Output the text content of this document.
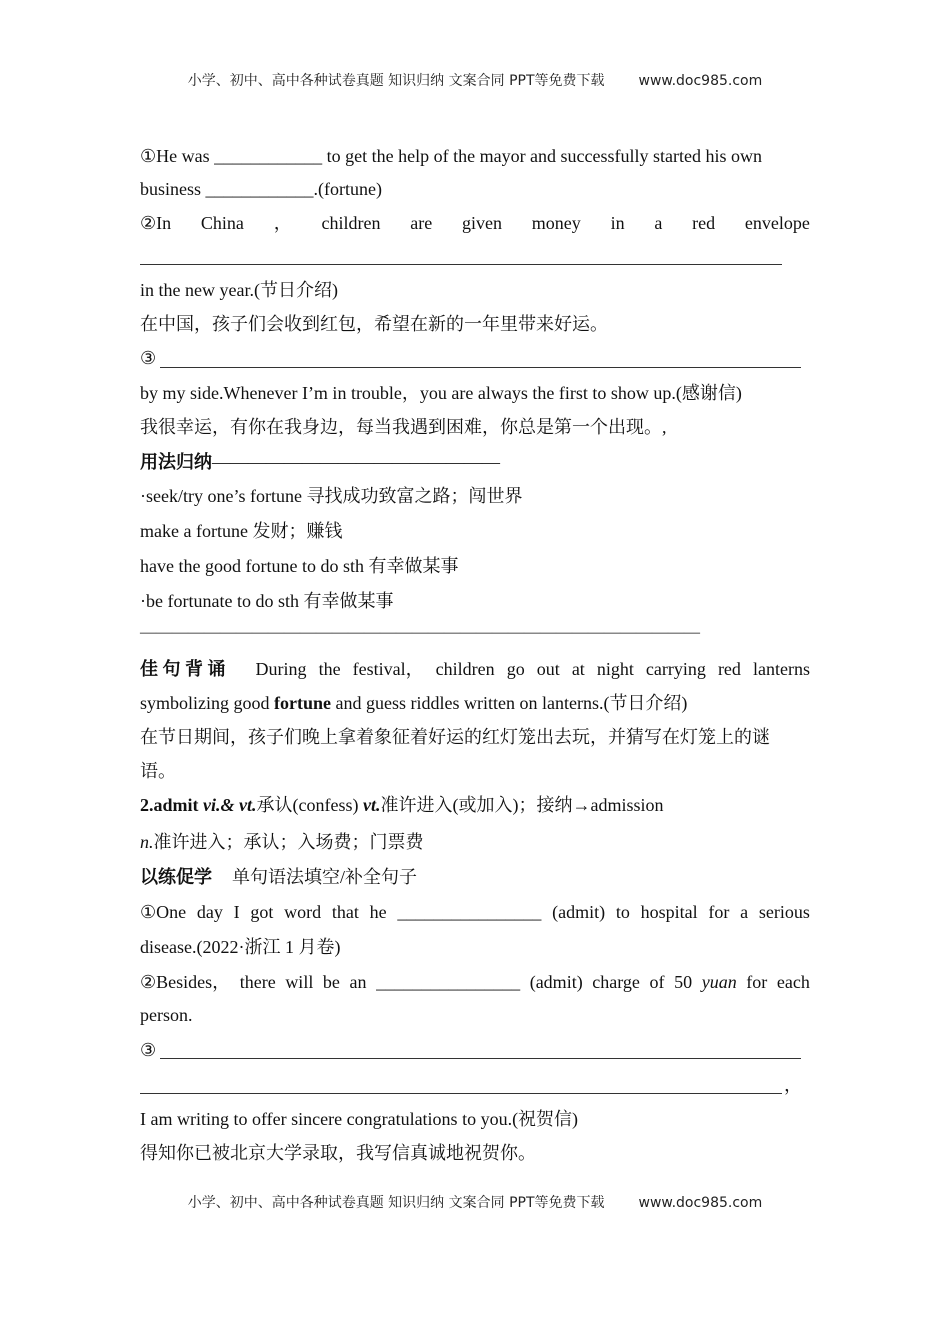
小学、初中、高中各种试卷真题 知识归纳 文案合同 PPT等免费下载 www.doc985.com
①He was ____________ to get the help of the mayor and successfully started his own
business ____________.(fortune)
②In China ， children are given money in a red envelope
in the new year.(节日介绍)
在中国，孩子们会收到红包，希望在新的一年里带来好运。
③
by my side.Whenever I’m in trouble，you are always the first to show up.(感谢信)
我很幸运，有你在我身边，每当我遇到困难，你总是第一个出现。,
用法归纳————————————————
·seek/try one’s fortune 寻找成功致富之路；闯世界
make a fortune 发财；赚钱
have the good fortune to do sth 有幸做某事
·be fortunate to do sth 有幸做某事
———————————————————————————————————
佳 句 背 诵 During the festival， children go out at night carrying red lanterns
symbolizing good fortune and guess riddles written on lanterns.(节日介绍)
在节日期间，孩子们晚上拿着象征着好运的红灯笼出去玩，并猜写在灯笼上的谜
语。
2.admit vi.& vt.承认(confess) vt.准许进入(或加入)；接纳→admission
n.准许进入；承认；入场费；门票费
以练促学 单句语法填空/补全句子
①One day I got word that he ________________ (admit) to hospital for a serious
disease.(2022·浙江 1 月卷)
②Besides， there will be an ________________ (admit) charge of 50 yuan for each
person.
③
，
I am writing to offer sincere congratulations to you.(祝贺信)
得知你已被北京大学录取，我写信真诚地祝贺你。
小学、初中、高中各种试卷真题 知识归纳 文案合同 PPT等免费下载 www.doc985.com
